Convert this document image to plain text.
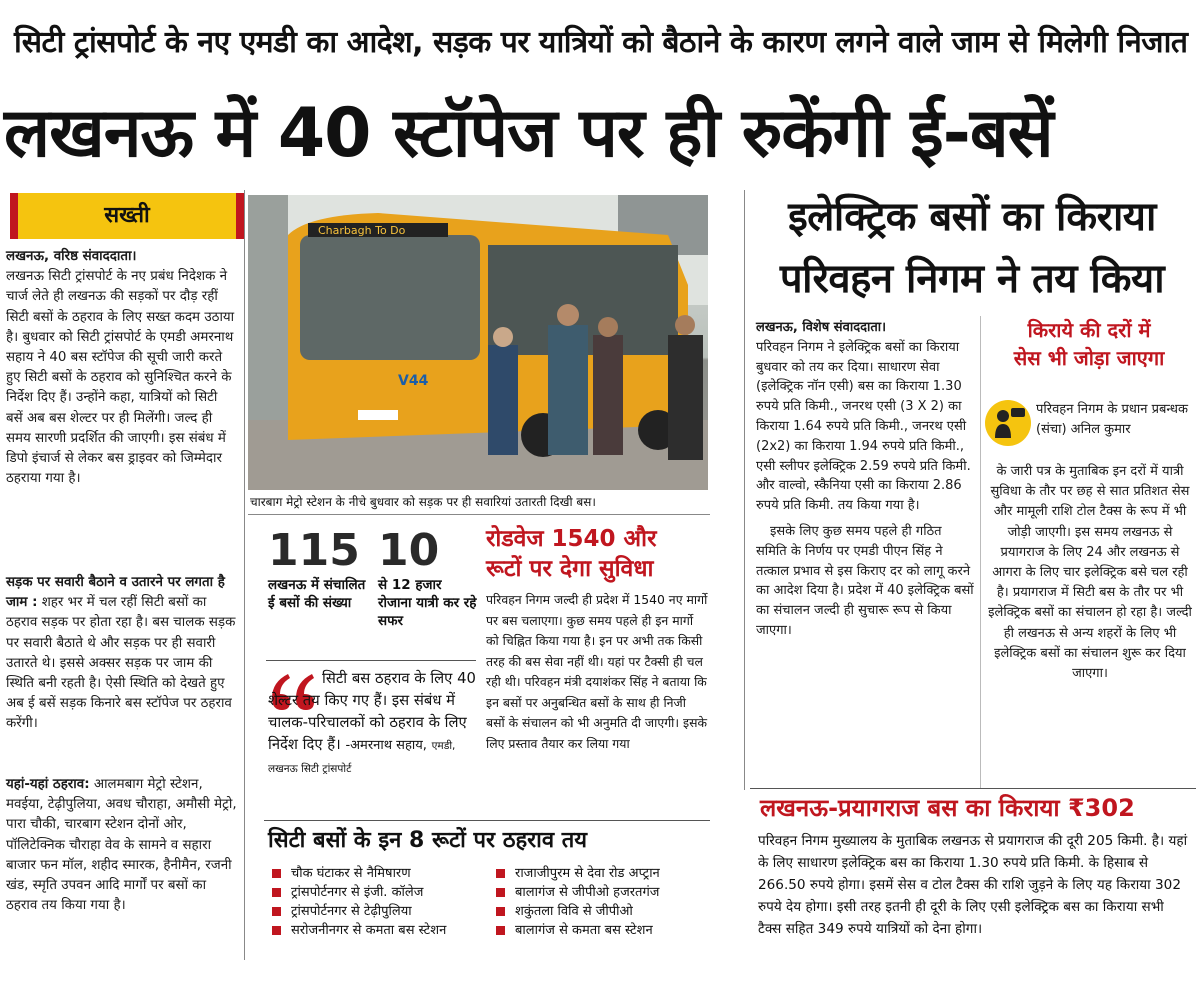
सिटी ट्रांसपोर्ट के नए एमडी का आदेश, सड़क पर यात्रियों को बैठाने के कारण लगने वाले जाम से मिलेगी निजात
लखनऊ में 40 स्टॉपेज पर ही रुकेंगी ई-बसें
सख्ती
लखनऊ, वरिष्ठ संवाददाता।
लखनऊ सिटी ट्रांसपोर्ट के नए प्रबंध निदेशक ने चार्ज लेते ही लखनऊ की सड़कों पर दौड़ रहीं सिटी बसों के ठहराव के लिए सख्त कदम उठाया है। बुधवार को सिटी ट्रांसपोर्ट के एमडी अमरनाथ सहाय ने 40 बस स्टॉपेज की सूची जारी करते हुए सिटी बसों के ठहराव को सुनिश्चित करने के निर्देश दिए हैं। उन्होंने कहा, यात्रियों को सिटी बसें अब बस शेल्टर पर ही मिलेंगी। जल्द ही समय सारणी प्रदर्शित की जाएगी। इस संबंध में डिपो इंचार्ज से लेकर बस ड्राइवर को जिम्मेदार ठहराया गया है।
सड़क पर सवारी बैठाने व उतारने पर लगता है जाम : शहर भर में चल रहीं सिटी बसों का ठहराव सड़क पर होता रहा है। बस चालक सड़क पर सवारी बैठाते थे और सड़क पर ही सवारी उतारते थे। इससे अक्सर सड़क पर जाम की स्थिति बनी रहती है। ऐसी स्थिति को देखते हुए अब ई बसें सड़क किनारे बस स्टॉपेज पर ठहराव करेंगी।
यहां-यहां ठहराव: आलमबाग मेट्रो स्टेशन, मवईया, टेढ़ीपुलिया, अवध चौराहा, अमौसी मेट्रो, पारा चौकी, चारबाग स्टेशन दोनों ओर, पॉलिटेक्निक चौराहा वेव के सामने व सहारा बाजार फन मॉल, शहीद स्मारक, हैनीमैन, रजनी खंड, स्मृति उपवन आदि मार्गों पर बसों का ठहराव तय किया गया है।
Charbagh To Do
V44
चारबाग मेट्रो स्टेशन के नीचे बुधवार को सड़क पर ही सवारियां उतारती दिखी बस।
115
लखनऊ में संचालित ई बसों की संख्या
10
से 12 हजार रोजाना यात्री कर रहे सफर
सिटी बस ठहराव के लिए 40 शेल्टर तय किए गए हैं। इस संबंध में चालक-परिचालकों को ठहराव के लिए निर्देश दिए हैं। -अमरनाथ सहाय, एमडी, लखनऊ सिटी ट्रांसपोर्ट
रोडवेज 1540 और
रूटों पर देगा सुविधा
परिवहन निगम जल्दी ही प्रदेश में 1540 नए मार्गो पर बस चलाएगा। कुछ समय पहले ही इन मार्गो को चिह्नित किया गया है। इन पर अभी तक किसी तरह की बस सेवा नहीं थी। यहां पर टैक्सी ही चल रही थी। परिवहन मंत्री दयाशंकर सिंह ने बताया कि इन बसों पर अनुबन्धित बसों के साथ ही निजी बसों के संचालन को भी अनुमति दी जाएगी। इसके लिए प्रस्ताव तैयार कर लिया गया
सिटी बसों के इन 8 रूटों पर ठहराव तय
चौक घंटाकर से नैमिषारण
ट्रांसपोर्टनगर से इंजी. कॉलेज
ट्रांसपोर्टनगर से टेढ़ीपुलिया
सरोजनीनगर से कमता बस स्टेशन
राजाजीपुरम से देवा रोड अप्ट्रान
बालागंज से जीपीओ हजरतगंज
शकुंतला विवि से जीपीओ
बालागंज से कमता बस स्टेशन
इलेक्ट्रिक बसों का किराया
परिवहन निगम ने तय किया
लखनऊ, विशेष संवाददाता।
परिवहन निगम ने इलेक्ट्रिक बसों का किराया बुधवार को तय कर दिया। साधारण सेवा (इलेक्ट्रिक नॉन एसी) बस का किराया 1.30 रुपये प्रति किमी., जनरथ एसी (3 X 2) का किराया 1.64 रुपये प्रति किमी., जनरथ एसी (2x2) का किराया 1.94 रुपये प्रति किमी., एसी स्लीपर इलेक्ट्रिक 2.59 रुपये प्रति किमी. और वाल्वो, स्कैनिया एसी का किराया 2.86 रुपये प्रति किमी. तय किया गया है।
इसके लिए कुछ समय पहले ही गठित समिति के निर्णय पर एमडी पीएन सिंह ने तत्काल प्रभाव से इस किराए दर को लागू करने का आदेश दिया है। प्रदेश में 40 इलेक्ट्रिक बसों का संचालन जल्दी ही सुचारू रूप से किया जाएगा।
किराये की दरों में
सेस भी जोड़ा जाएगा
परिवहन निगम के प्रधान प्रबन्धक (संचा) अनिल कुमार
के जारी पत्र के मुताबिक इन दरों में यात्री सुविधा के तौर पर छह से सात प्रतिशत सेस और मामूली राशि टोल टैक्स के रूप में भी जोड़ी जाएगी। इस समय लखनऊ से प्रयागराज के लिए 24 और लखनऊ से आगरा के लिए चार इलेक्ट्रिक बसे चल रही है। प्रयागराज में सिटी बस के तौर पर भी इलेक्ट्रिक बसों का संचालन हो रहा है। जल्दी ही लखनऊ से अन्य शहरों के लिए भी इलेक्ट्रिक बसों का संचालन शुरू कर दिया जाएगा।
लखनऊ-प्रयागराज बस का किराया ₹302
परिवहन निगम मुख्यालय के मुताबिक लखनऊ से प्रयागराज की दूरी 205 किमी. है। यहां के लिए साधारण इलेक्ट्रिक बस का किराया 1.30 रुपये प्रति किमी. के हिसाब से 266.50 रुपये होगा। इसमें सेस व टोल टैक्स की राशि जुड़ने के लिए यह किराया 302 रुपये देय होगा। इसी तरह इतनी ही दूरी के लिए एसी इलेक्ट्रिक बस का किराया सभी टैक्स सहित 349 रुपये यात्रियों को देना होगा।
